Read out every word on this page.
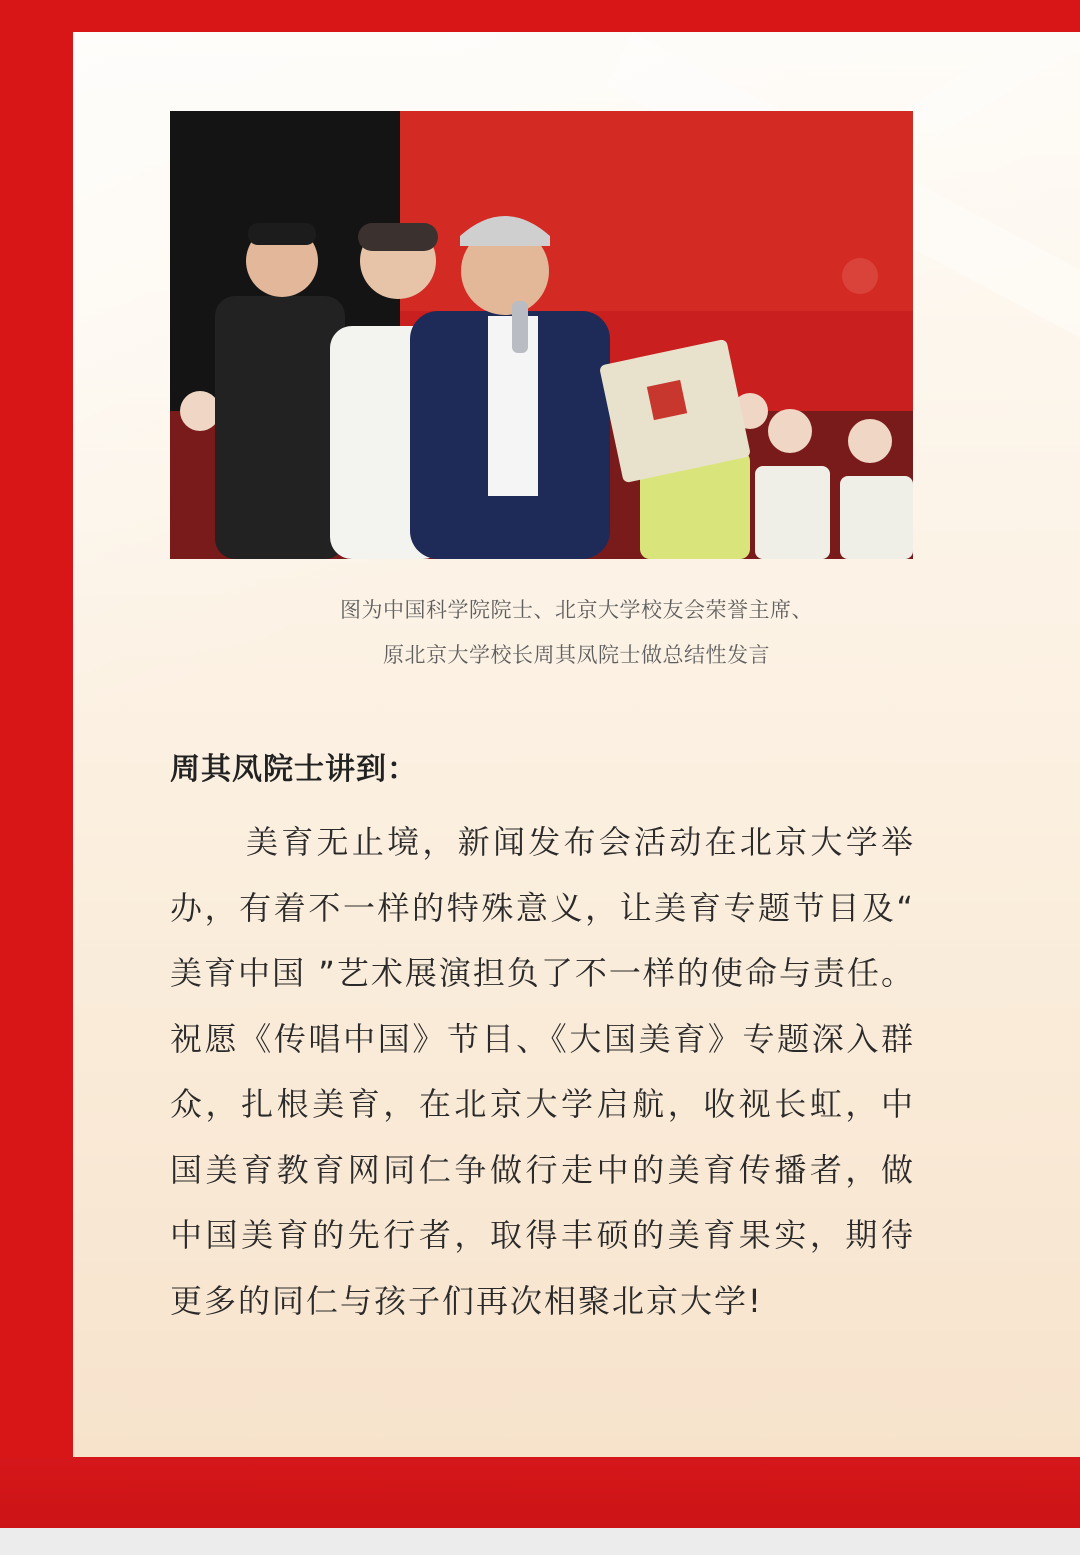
图为中国科学院院士、北京大学校友会荣誉主席、
原北京大学校长周其凤院士做总结性发言
周其凤院士讲到：

美育无止境，新闻发布会活动在北京大学举办，有着不一样的特殊意义，让美育专题节目及“ 美育中国 ”艺术展演担负了不一样的使命与责任。祝愿《传唱中国》节目、《大国美育》专题深入群众，扎根美育，在北京大学启航，收视长虹，中国美育教育网同仁争做行走中的美育传播者，做中国美育的先行者，取得丰硕的美育果实，期待更多的同仁与孩子们再次相聚北京大学!
